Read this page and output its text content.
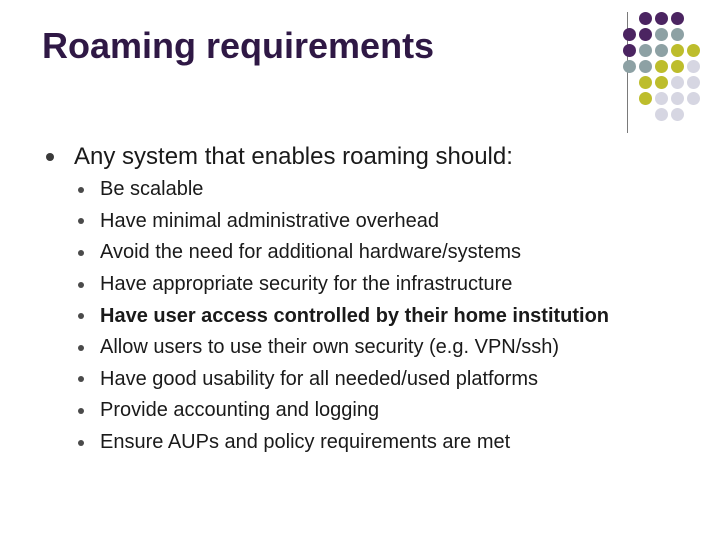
Roaming requirements
Any system that enables roaming should:
Be scalable
Have minimal administrative overhead
Avoid the need for additional hardware/systems
Have appropriate security for the infrastructure
Have user access controlled by their home institution
Allow users to use their own security (e.g. VPN/ssh)
Have good usability for all needed/used platforms
Provide accounting and logging
Ensure AUPs and policy requirements are met
